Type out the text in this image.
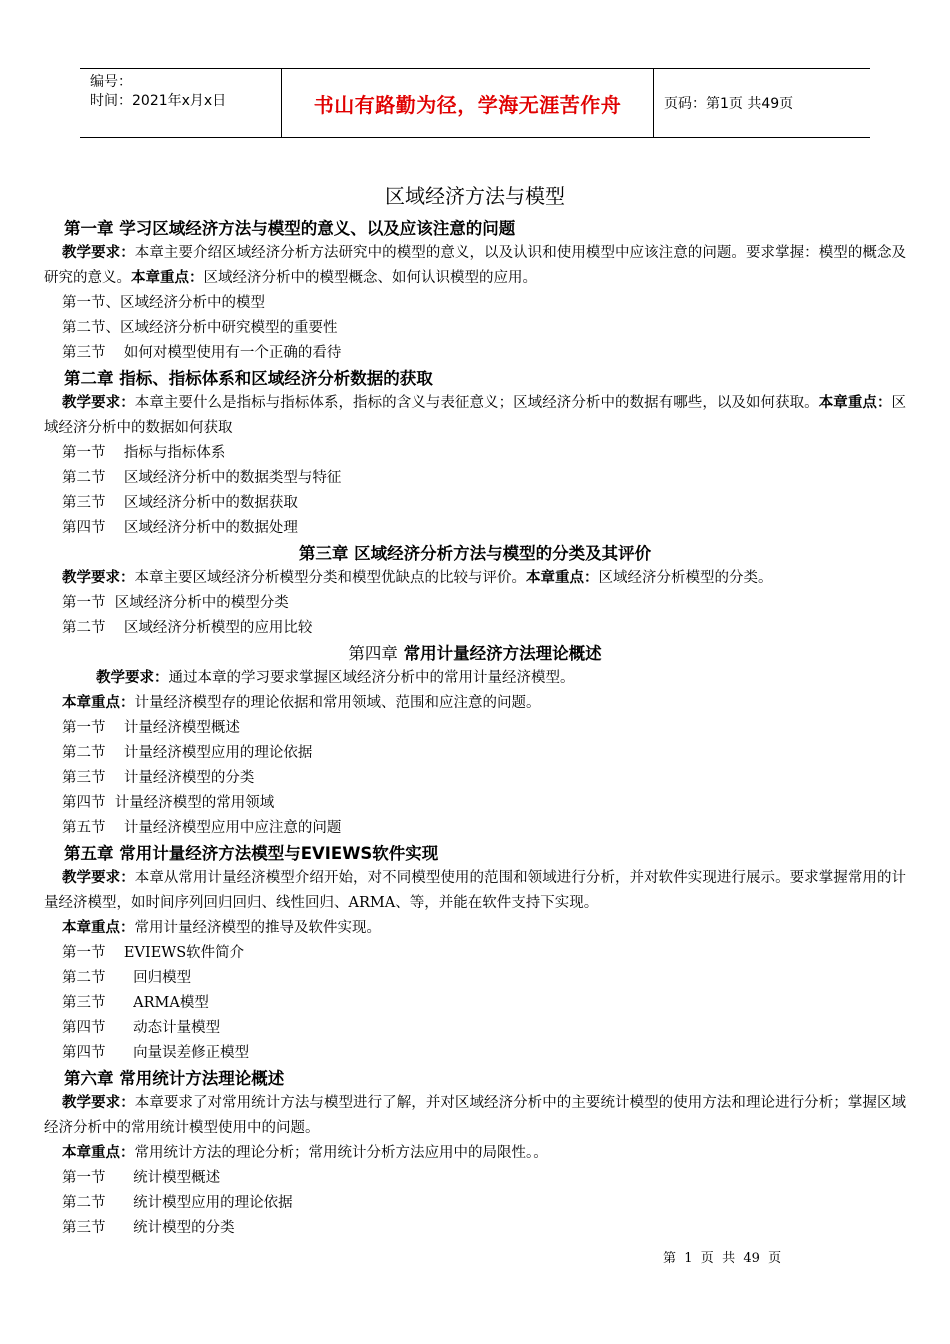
编号：
时间：2021年x月x日	书山有路勤为径，学海无涯苦作舟	页码：第1页 共49页
区域经济方法与模型

第一章 学习区域经济方法与模型的意义、以及应该注意的问题

教学要求：本章主要介绍区域经济分析方法研究中的模型的意义，以及认识和使用模型中应该注意的问题。要求掌握：模型的概念及研究的意义。本章重点：区域经济分析中的模型概念、如何认识模型的应用。

第一节、区域经济分析中的模型

第二节、区域经济分析中研究模型的重要性

第三节    如何对模型使用有一个正确的看待

第二章 指标、指标体系和区域经济分析数据的获取

教学要求：本章主要什么是指标与指标体系，指标的含义与表征意义；区域经济分析中的数据有哪些，以及如何获取。本章重点：区域经济分析中的数据如何获取

第一节    指标与指标体系

第二节    区域经济分析中的数据类型与特征

第三节    区域经济分析中的数据获取

第四节    区域经济分析中的数据处理

第三章 区域经济分析方法与模型的分类及其评价

教学要求：本章主要区域经济分析模型分类和模型优缺点的比较与评价。本章重点：区域经济分析模型的分类。

第一节  区域经济分析中的模型分类

第二节    区域经济分析模型的应用比较

第四章 常用计量经济方法理论概述

教学要求：通过本章的学习要求掌握区域经济分析中的常用计量经济模型。

本章重点：计量经济模型存的理论依据和常用领域、范围和应注意的问题。

第一节    计量经济模型概述

第二节    计量经济模型应用的理论依据

第三节    计量经济模型的分类

第四节  计量经济模型的常用领域

第五节    计量经济模型应用中应注意的问题

第五章 常用计量经济方法模型与EVIEWS软件实现

教学要求：本章从常用计量经济模型介绍开始，对不同模型使用的范围和领域进行分析，并对软件实现进行展示。要求掌握常用的计量经济模型，如时间序列回归回归、线性回归、ARMA、等，并能在软件支持下实现。

本章重点：常用计量经济模型的推导及软件实现。

第一节    EVIEWS软件简介

第二节      回归模型

第三节      ARMA模型

第四节      动态计量模型

第四节      向量误差修正模型

第六章 常用统计方法理论概述

教学要求：本章要求了对常用统计方法与模型进行了解，并对区域经济分析中的主要统计模型的使用方法和理论进行分析；掌握区域经济分析中的常用统计模型使用中的问题。

本章重点：常用统计方法的理论分析；常用统计分析方法应用中的局限性。。

第一节      统计模型概述

第二节      统计模型应用的理论依据

第三节      统计模型的分类

第  1  页  共  49  页
